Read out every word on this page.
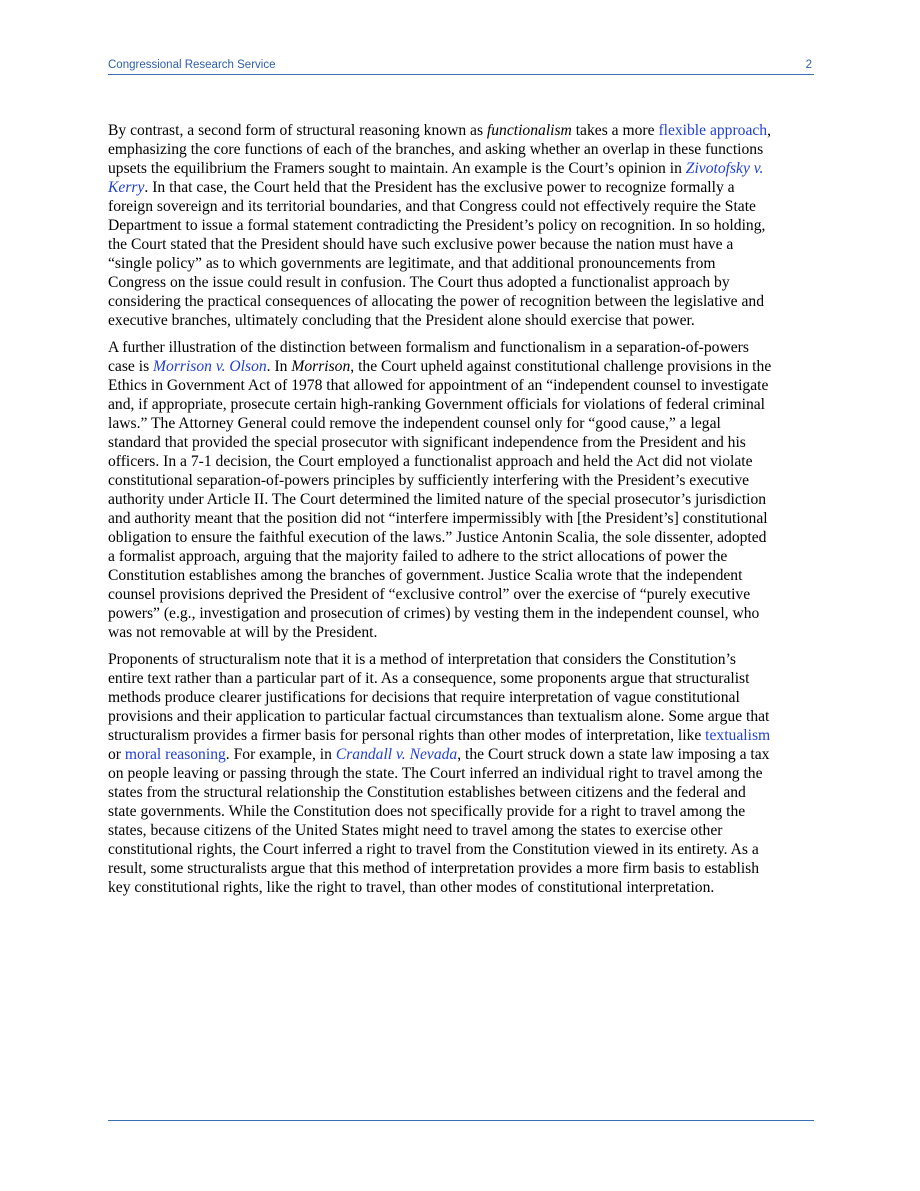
Congressional Research Service	2

By contrast, a second form of structural reasoning known as functionalism takes a more flexible approach,
emphasizing the core functions of each of the branches, and asking whether an overlap in these functions
upsets the equilibrium the Framers sought to maintain. An example is the Court’s opinion in Zivotofsky v.
Kerry. In that case, the Court held that the President has the exclusive power to recognize formally a
foreign sovereign and its territorial boundaries, and that Congress could not effectively require the State
Department to issue a formal statement contradicting the President’s policy on recognition. In so holding,
the Court stated that the President should have such exclusive power because the nation must have a
“single policy” as to which governments are legitimate, and that additional pronouncements from
Congress on the issue could result in confusion. The Court thus adopted a functionalist approach by
considering the practical consequences of allocating the power of recognition between the legislative and
executive branches, ultimately concluding that the President alone should exercise that power.

A further illustration of the distinction between formalism and functionalism in a separation-of-powers
case is Morrison v. Olson. In Morrison, the Court upheld against constitutional challenge provisions in the
Ethics in Government Act of 1978 that allowed for appointment of an “independent counsel to investigate
and, if appropriate, prosecute certain high-ranking Government officials for violations of federal criminal
laws.” The Attorney General could remove the independent counsel only for “good cause,” a legal
standard that provided the special prosecutor with significant independence from the President and his
officers. In a 7-1 decision, the Court employed a functionalist approach and held the Act did not violate
constitutional separation-of-powers principles by sufficiently interfering with the President’s executive
authority under Article II. The Court determined the limited nature of the special prosecutor’s jurisdiction
and authority meant that the position did not “interfere impermissibly with [the President’s] constitutional
obligation to ensure the faithful execution of the laws.” Justice Antonin Scalia, the sole dissenter, adopted
a formalist approach, arguing that the majority failed to adhere to the strict allocations of power the
Constitution establishes among the branches of government. Justice Scalia wrote that the independent
counsel provisions deprived the President of “exclusive control” over the exercise of “purely executive
powers” (e.g., investigation and prosecution of crimes) by vesting them in the independent counsel, who
was not removable at will by the President.

Proponents of structuralism note that it is a method of interpretation that considers the Constitution’s
entire text rather than a particular part of it. As a consequence, some proponents argue that structuralist
methods produce clearer justifications for decisions that require interpretation of vague constitutional
provisions and their application to particular factual circumstances than textualism alone. Some argue that
structuralism provides a firmer basis for personal rights than other modes of interpretation, like textualism
or moral reasoning. For example, in Crandall v. Nevada, the Court struck down a state law imposing a tax
on people leaving or passing through the state. The Court inferred an individual right to travel among the
states from the structural relationship the Constitution establishes between citizens and the federal and
state governments. While the Constitution does not specifically provide for a right to travel among the
states, because citizens of the United States might need to travel among the states to exercise other
constitutional rights, the Court inferred a right to travel from the Constitution viewed in its entirety. As a
result, some structuralists argue that this method of interpretation provides a more firm basis to establish
key constitutional rights, like the right to travel, than other modes of constitutional interpretation.
